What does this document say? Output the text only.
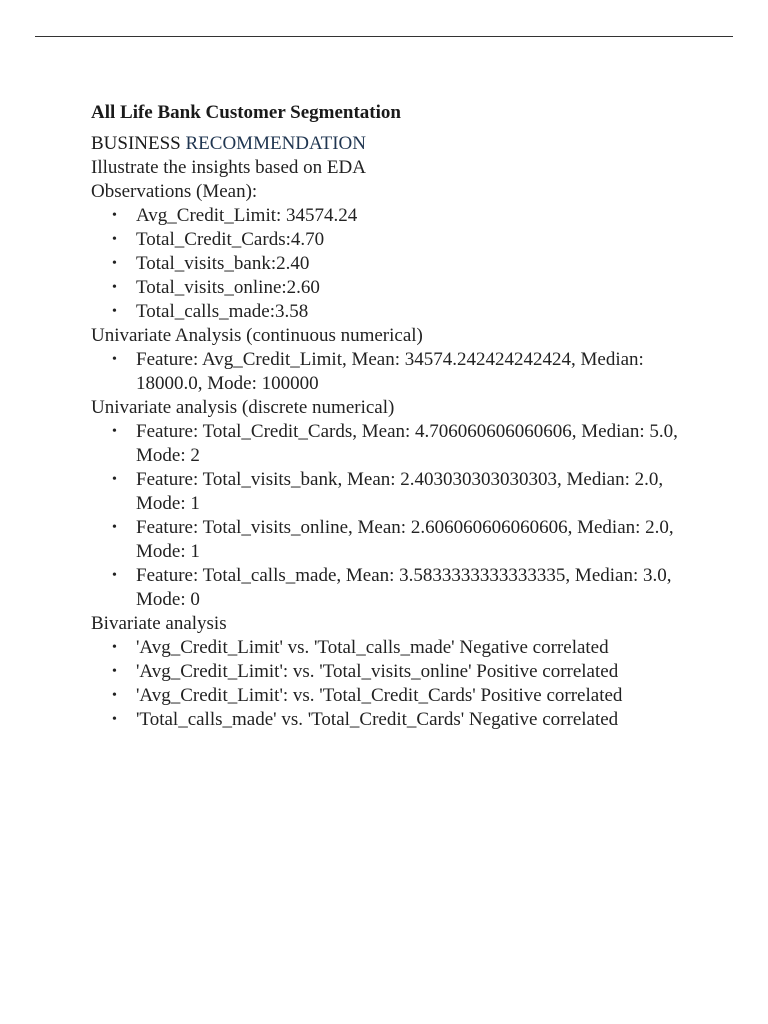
All Life Bank Customer Segmentation

BUSINESS RECOMMENDATION

Illustrate the insights based on EDA

Observations (Mean):

• Avg_Credit_Limit: 34574.24
• Total_Credit_Cards:4.70
• Total_visits_bank:2.40
• Total_visits_online:2.60
• Total_calls_made:3.58

Univariate Analysis (continuous numerical)

• Feature: Avg_Credit_Limit, Mean: 34574.242424242424, Median: 18000.0, Mode: 100000

Univariate analysis (discrete numerical)

• Feature: Total_Credit_Cards, Mean: 4.706060606060606, Median: 5.0, Mode: 2
• Feature: Total_visits_bank, Mean: 2.403030303030303, Median: 2.0, Mode: 1
• Feature: Total_visits_online, Mean: 2.606060606060606, Median: 2.0, Mode: 1
• Feature: Total_calls_made, Mean: 3.5833333333333335, Median: 3.0, Mode: 0

Bivariate analysis

• 'Avg_Credit_Limit' vs. 'Total_calls_made' Negative correlated
• 'Avg_Credit_Limit': vs. 'Total_visits_online' Positive correlated
• 'Avg_Credit_Limit': vs. 'Total_Credit_Cards' Positive correlated
• 'Total_calls_made' vs. 'Total_Credit_Cards' Negative correlated
